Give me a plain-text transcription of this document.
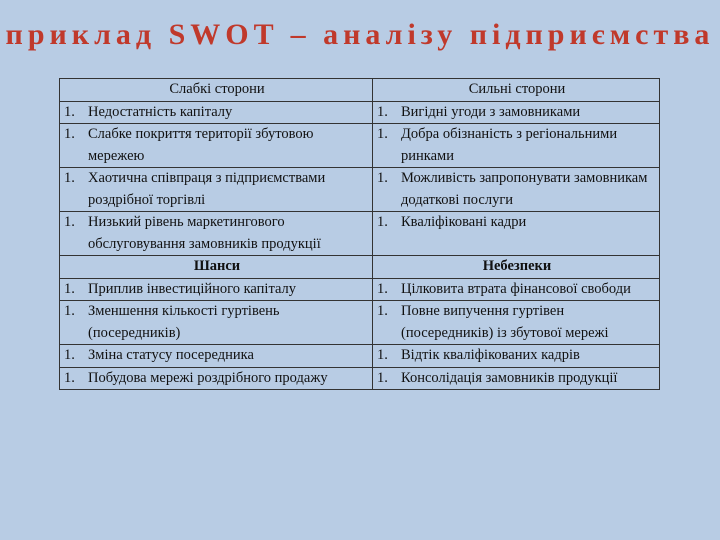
приклад SWOT – аналізу підприємства
Слабкі сторони	Сильні сторони

1. Недостатність капіталу	1. Вигідні угоди з замовниками

1. Слабке покриття території збутовою мережею	1. Добра обізнаність з регіональними ринками

1. Хаотична співпраця з підприємствами роздрібної торгівлі	1. Можливість запропонувати замовникам додаткові послуги

1. Низький рівень маркетингового обслуговування замовників продукції	1. Кваліфіковані кадри

Шанси	Небезпеки

1. Приплив інвестиційного капіталу	1. Цілковита втрата фінансової свободи

1. Зменшення кількості гуртівень (посередників)	1. Повне випучення гуртівен (посередників) із збутової мережі

1. Зміна статусу посередника	1. Відтік кваліфікованих кадрів

1. Побудова мережі роздрібного продажу	1. Консолідація замовників продукції
